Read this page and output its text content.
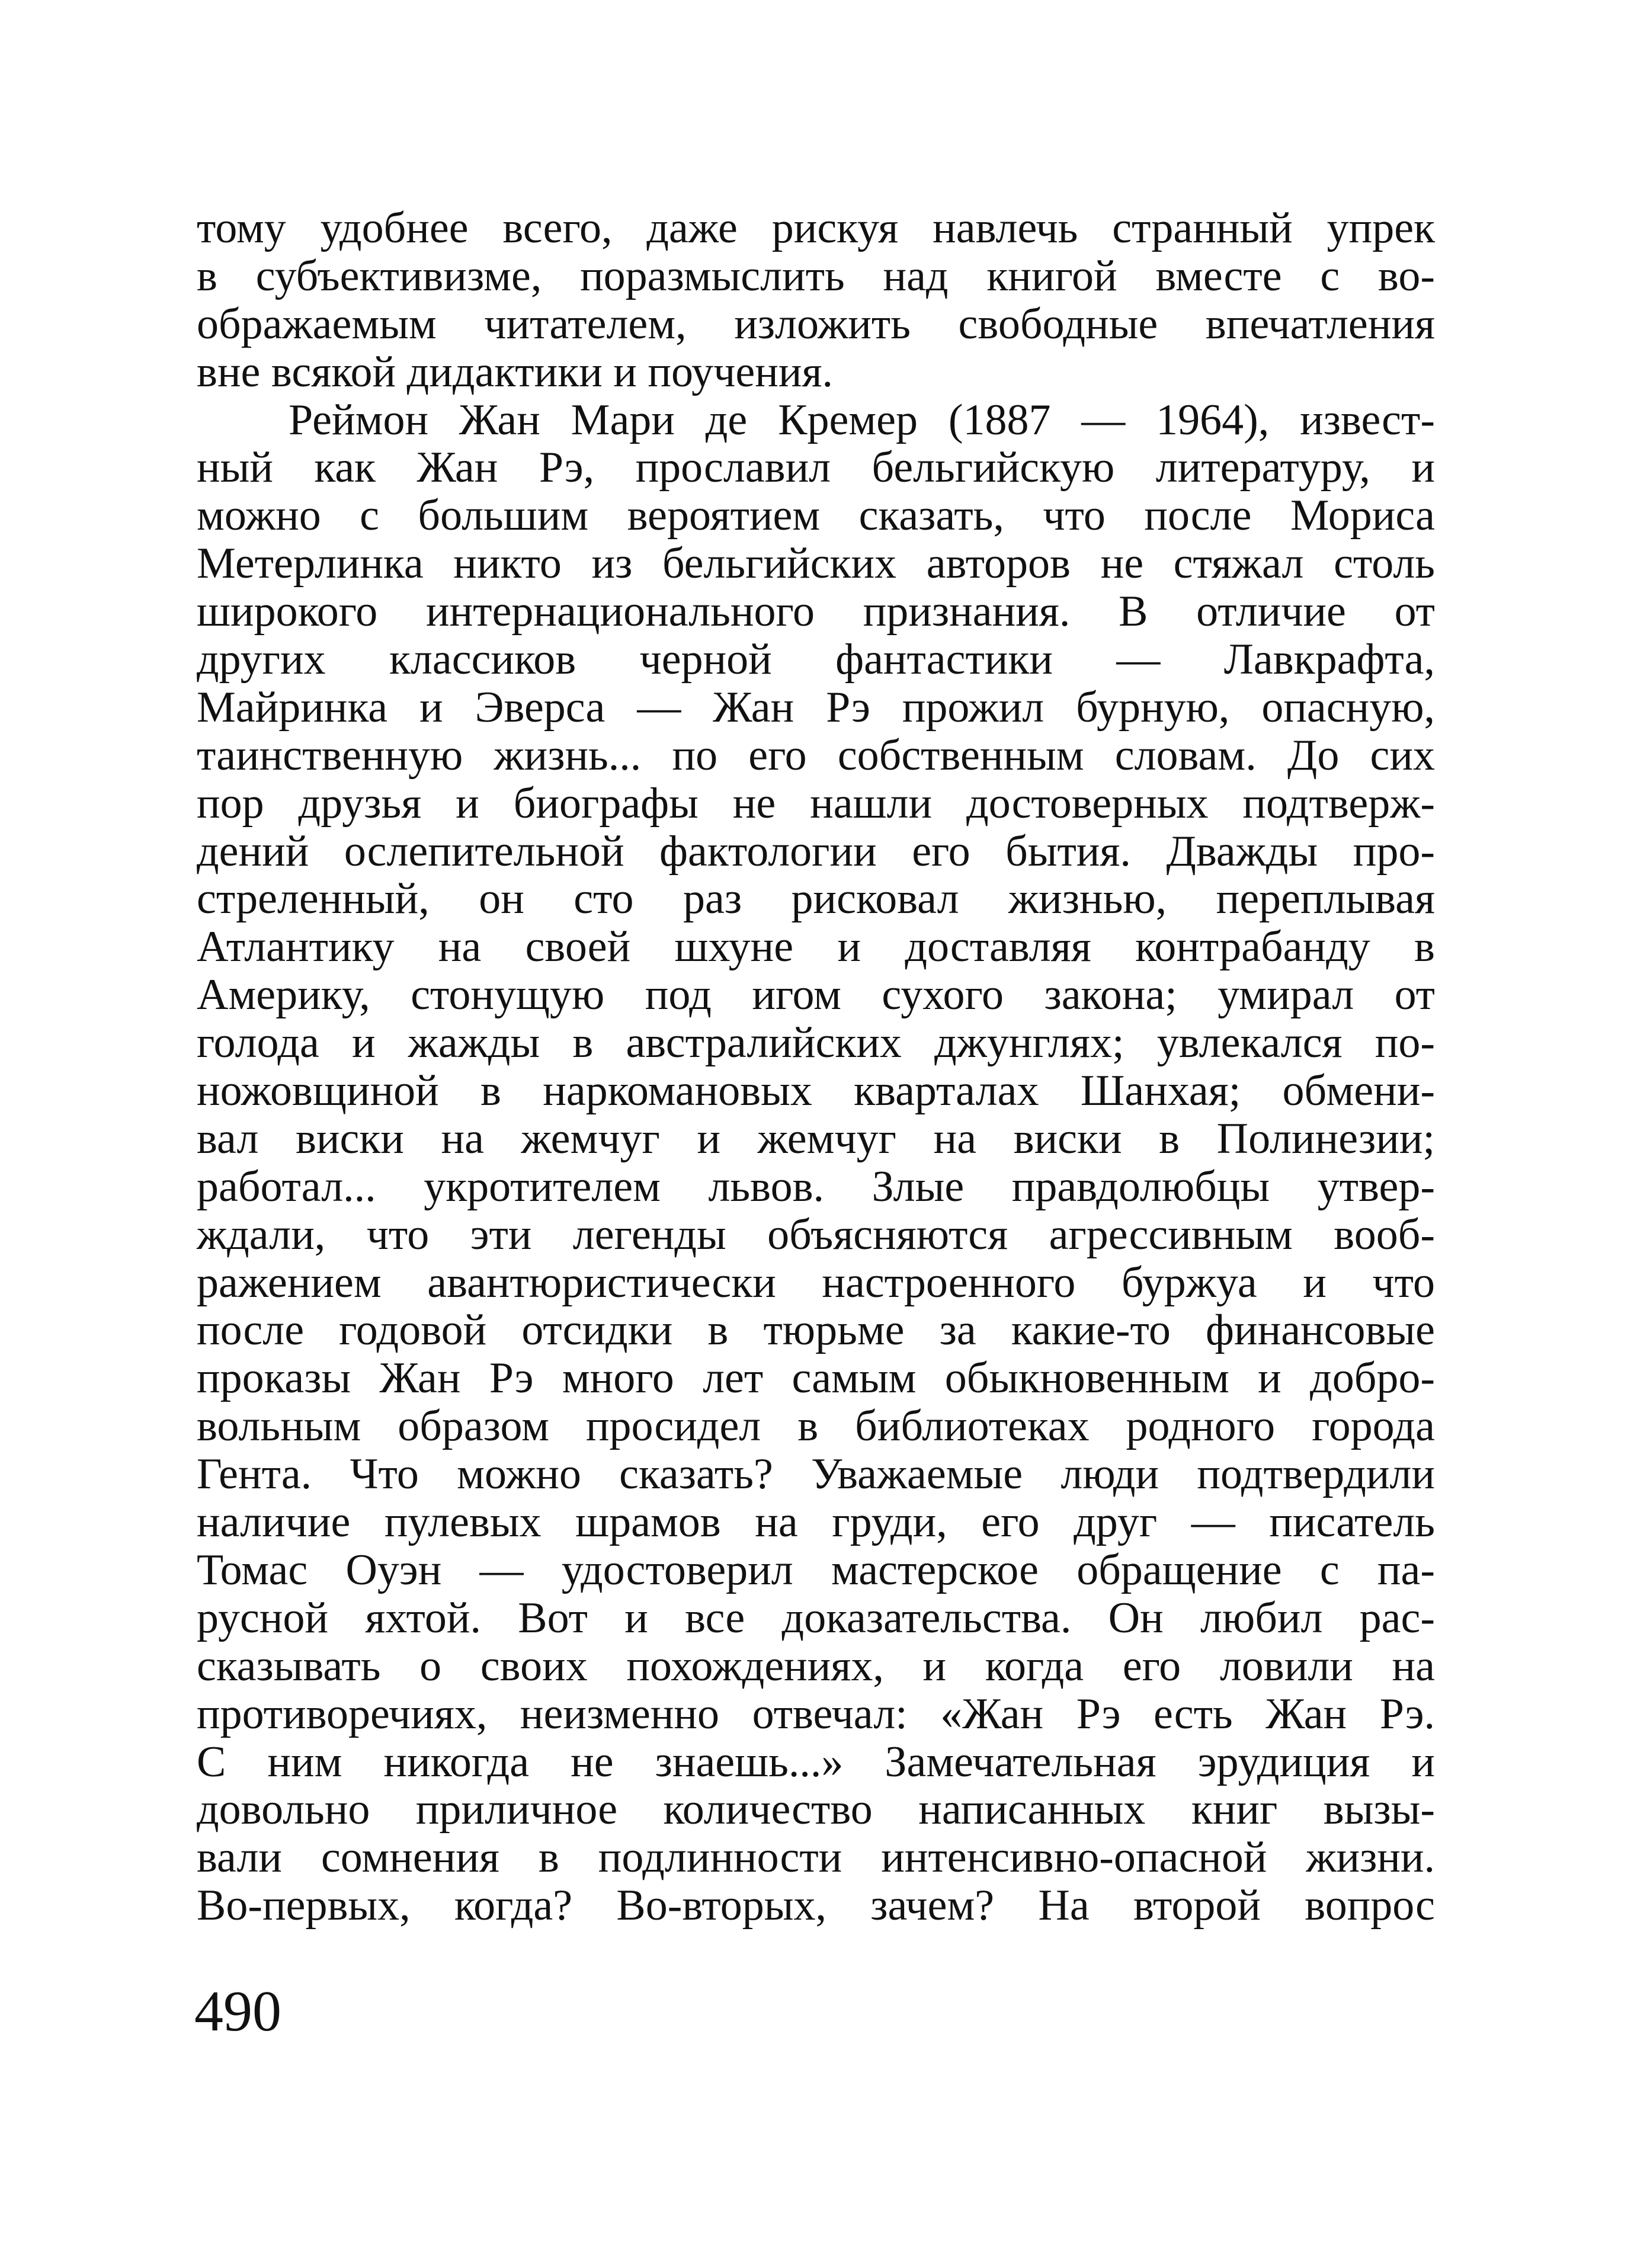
тому удобнее всего, даже рискуя навлечь странный упрек
в субъективизме, поразмыслить над книгой вместе с во-
ображаемым читателем, изложить свободные впечатления
вне всякой дидактики и поучения.
Реймон Жан Мари де Кремер (1887 — 1964), извест-
ный как Жан Рэ, прославил бельгийскую литературу, и
можно с большим вероятием сказать, что после Мориса
Метерлинка никто из бельгийских авторов не стяжал столь
широкого интернационального признания. В отличие от
других классиков черной фантастики — Лавкрафта,
Майринка и Эверса — Жан Рэ прожил бурную, опасную,
таинственную жизнь... по его собственным словам. До сих
пор друзья и биографы не нашли достоверных подтверж-
дений ослепительной фактологии его бытия. Дважды про-
стреленный, он сто раз рисковал жизнью, переплывая
Атлантику на своей шхуне и доставляя контрабанду в
Америку, стонущую под игом сухого закона; умирал от
голода и жажды в австралийских джунглях; увлекался по-
ножовщиной в наркомановых кварталах Шанхая; обмени-
вал виски на жемчуг и жемчуг на виски в Полинезии;
работал... укротителем львов. Злые правдолюбцы утвер-
ждали, что эти легенды объясняются агрессивным вооб-
ражением авантюристически настроенного буржуа и что
после годовой отсидки в тюрьме за какие-то финансовые
проказы Жан Рэ много лет самым обыкновенным и добро-
вольным образом просидел в библиотеках родного города
Гента. Что можно сказать? Уважаемые люди подтвердили
наличие пулевых шрамов на груди, его друг — писатель
Томас Оуэн — удостоверил мастерское обращение с па-
русной яхтой. Вот и все доказательства. Он любил рас-
сказывать о своих похождениях, и когда его ловили на
противоречиях, неизменно отвечал: «Жан Рэ есть Жан Рэ.
С ним никогда не знаешь...» Замечательная эрудиция и
довольно приличное количество написанных книг вызы-
вали сомнения в подлинности интенсивно-опасной жизни.
Во-первых, когда? Во-вторых, зачем? На второй вопрос
490
